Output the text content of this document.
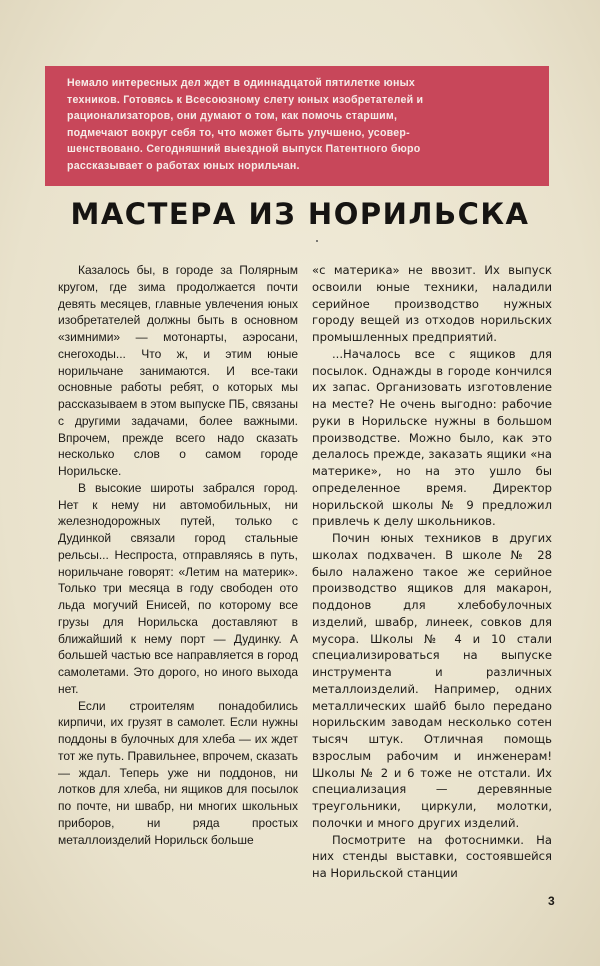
Немало интересных дел ждет в одиннадцатой пятилетке юных
техников. Готовясь к Всесоюзному слету юных изобретателей и
рационализаторов, они думают о том, как помочь старшим,
подмечают вокруг себя то, что может быть улучшено, усовер-
шенствовано. Сегодняшний выездной выпуск Патентного бюро
рассказывает о работах юных норильчан.
МАСТЕРА ИЗ НОРИЛЬСКА

Казалось бы, в городе за Полярным кругом, где зима продолжается почти девять месяцев, главные увлечения юных изобретателей должны быть в основном «зимними» — мотонарты, аэросани, снегоходы... Что ж, и этим юные норильчане занимаются. И все-таки основные работы ребят, о которых мы рассказываем в этом выпуске ПБ, связаны с другими задачами, более важными. Впрочем, прежде всего надо сказать несколько слов о самом городе Норильске.

В высокие широты забрался город. Нет к нему ни автомобильных, ни железнодорожных путей, только с Дудинкой связали город стальные рельсы... Неспроста, отправляясь в путь, норильчане говорят: «Летим на материк». Только три месяца в году свободен ото льда могучий Енисей, по которому все грузы для Норильска доставляют в ближайший к нему порт — Дудинку. А большей частью все направляется в город самолетами. Это дорого, но иного выхода нет.

Если строителям понадобились кирпичи, их грузят в самолет. Если нужны поддоны в булочных для хлеба — их ждет тот же путь. Правильнее, впрочем, сказать — ждал. Теперь уже ни поддонов, ни лотков для хлеба, ни ящиков для посылок по почте, ни швабр, ни многих школьных приборов, ни ряда простых металлоизделий Норильск больше

«с материка» не ввозит. Их выпуск освоили юные техники, наладили серийное производство нужных городу вещей из отходов норильских промышленных предприятий.

...Началось все с ящиков для посылок. Однажды в городе кончился их запас. Организовать изготовление на месте? Не очень выгодно: рабочие руки в Норильске нужны в большом производстве. Можно было, как это делалось прежде, заказать ящики «на материке», но на это ушло бы определенное время. Директор норильской школы № 9 предложил привлечь к делу школьников.

Почин юных техников в других школах подхвачен. В школе № 28 было налажено такое же серийное производство ящиков для макарон, поддонов для хлебобулочных изделий, швабр, линеек, совков для мусора. Школы № 4 и 10 стали специализироваться на выпуске инструмента и различных металлоизделий. Например, одних металлических шайб было передано норильским заводам несколько сотен тысяч штук. Отличная помощь взрослым рабочим и инженерам! Школы № 2 и 6 тоже не отстали. Их специализация — деревянные треугольники, циркули, молотки, полочки и много других изделий.

Посмотрите на фотоснимки. На них стенды выставки, состоявшейся на Норильской станции

3
